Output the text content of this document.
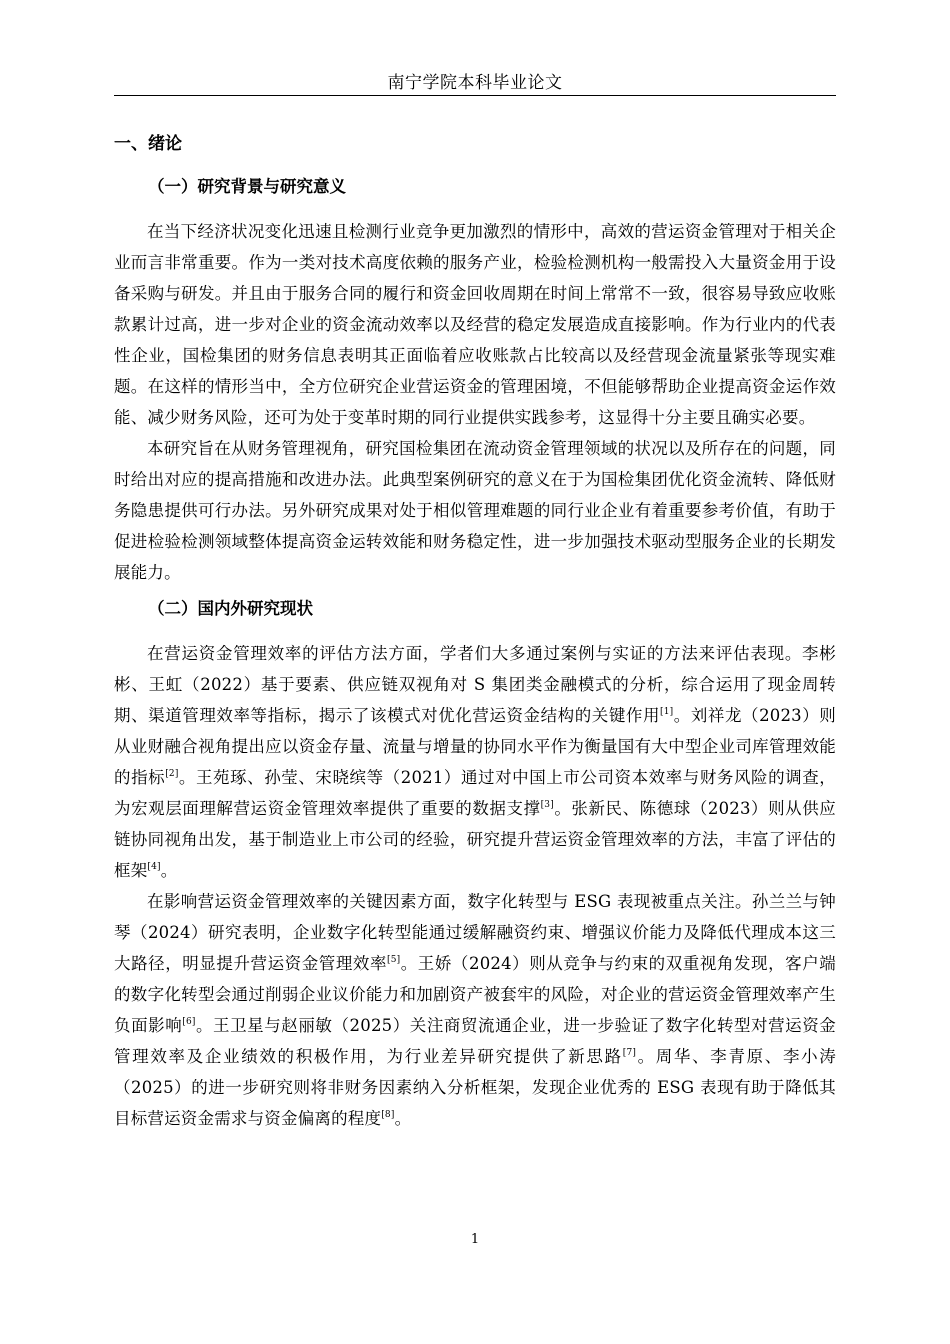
南宁学院本科毕业论文
一、绪论
（一）研究背景与研究意义

在当下经济状况变化迅速且检测行业竞争更加激烈的情形中，高效的营运资金管理对于相关企业而言非常重要。作为一类对技术高度依赖的服务产业，检验检测机构一般需投入大量资金用于设备采购与研发。并且由于服务合同的履行和资金回收周期在时间上常常不一致，很容易导致应收账款累计过高，进一步对企业的资金流动效率以及经营的稳定发展造成直接影响。作为行业内的代表性企业，国检集团的财务信息表明其正面临着应收账款占比较高以及经营现金流量紧张等现实难题。在这样的情形当中，全方位研究企业营运资金的管理困境，不但能够帮助企业提高资金运作效能、减少财务风险，还可为处于变革时期的同行业提供实践参考，这显得十分主要且确实必要。

本研究旨在从财务管理视角，研究国检集团在流动资金管理领域的状况以及所存在的问题，同时给出对应的提高措施和改进办法。此典型案例研究的意义在于为国检集团优化资金流转、降低财务隐患提供可行办法。另外研究成果对处于相似管理难题的同行业企业有着重要参考价值，有助于促进检验检测领域整体提高资金运转效能和财务稳定性，进一步加强技术驱动型服务企业的长期发展能力。

（二）国内外研究现状

在营运资金管理效率的评估方法方面，学者们大多通过案例与实证的方法来评估表现。李彬彬、王虹（2022）基于要素、供应链双视角对 S 集团类金融模式的分析，综合运用了现金周转期、渠道管理效率等指标，揭示了该模式对优化营运资金结构的关键作用[1]。刘祥龙（2023）则从业财融合视角提出应以资金存量、流量与增量的协同水平作为衡量国有大中型企业司库管理效能的指标[2]。王苑琢、孙莹、宋晓缤等（2021）通过对中国上市公司资本效率与财务风险的调查，为宏观层面理解营运资金管理效率提供了重要的数据支撑[3]。张新民、陈德球（2023）则从供应链协同视角出发，基于制造业上市公司的经验，研究提升营运资金管理效率的方法，丰富了评估的框架[4]。

在影响营运资金管理效率的关键因素方面，数字化转型与 ESG 表现被重点关注。孙兰兰与钟琴（2024）研究表明，企业数字化转型能通过缓解融资约束、增强议价能力及降低代理成本这三大路径，明显提升营运资金管理效率[5]。王娇（2024）则从竞争与约束的双重视角发现，客户端的数字化转型会通过削弱企业议价能力和加剧资产被套牢的风险，对企业的营运资金管理效率产生负面影响[6]。王卫星与赵丽敏（2025）关注商贸流通企业，进一步验证了数字化转型对营运资金管理效率及企业绩效的积极作用，为行业差异研究提供了新思路[7]。周华、李青原、李小涛（2025）的进一步研究则将非财务因素纳入分析框架，发现企业优秀的 ESG 表现有助于降低其目标营运资金需求与资金偏离的程度[8]。

1
